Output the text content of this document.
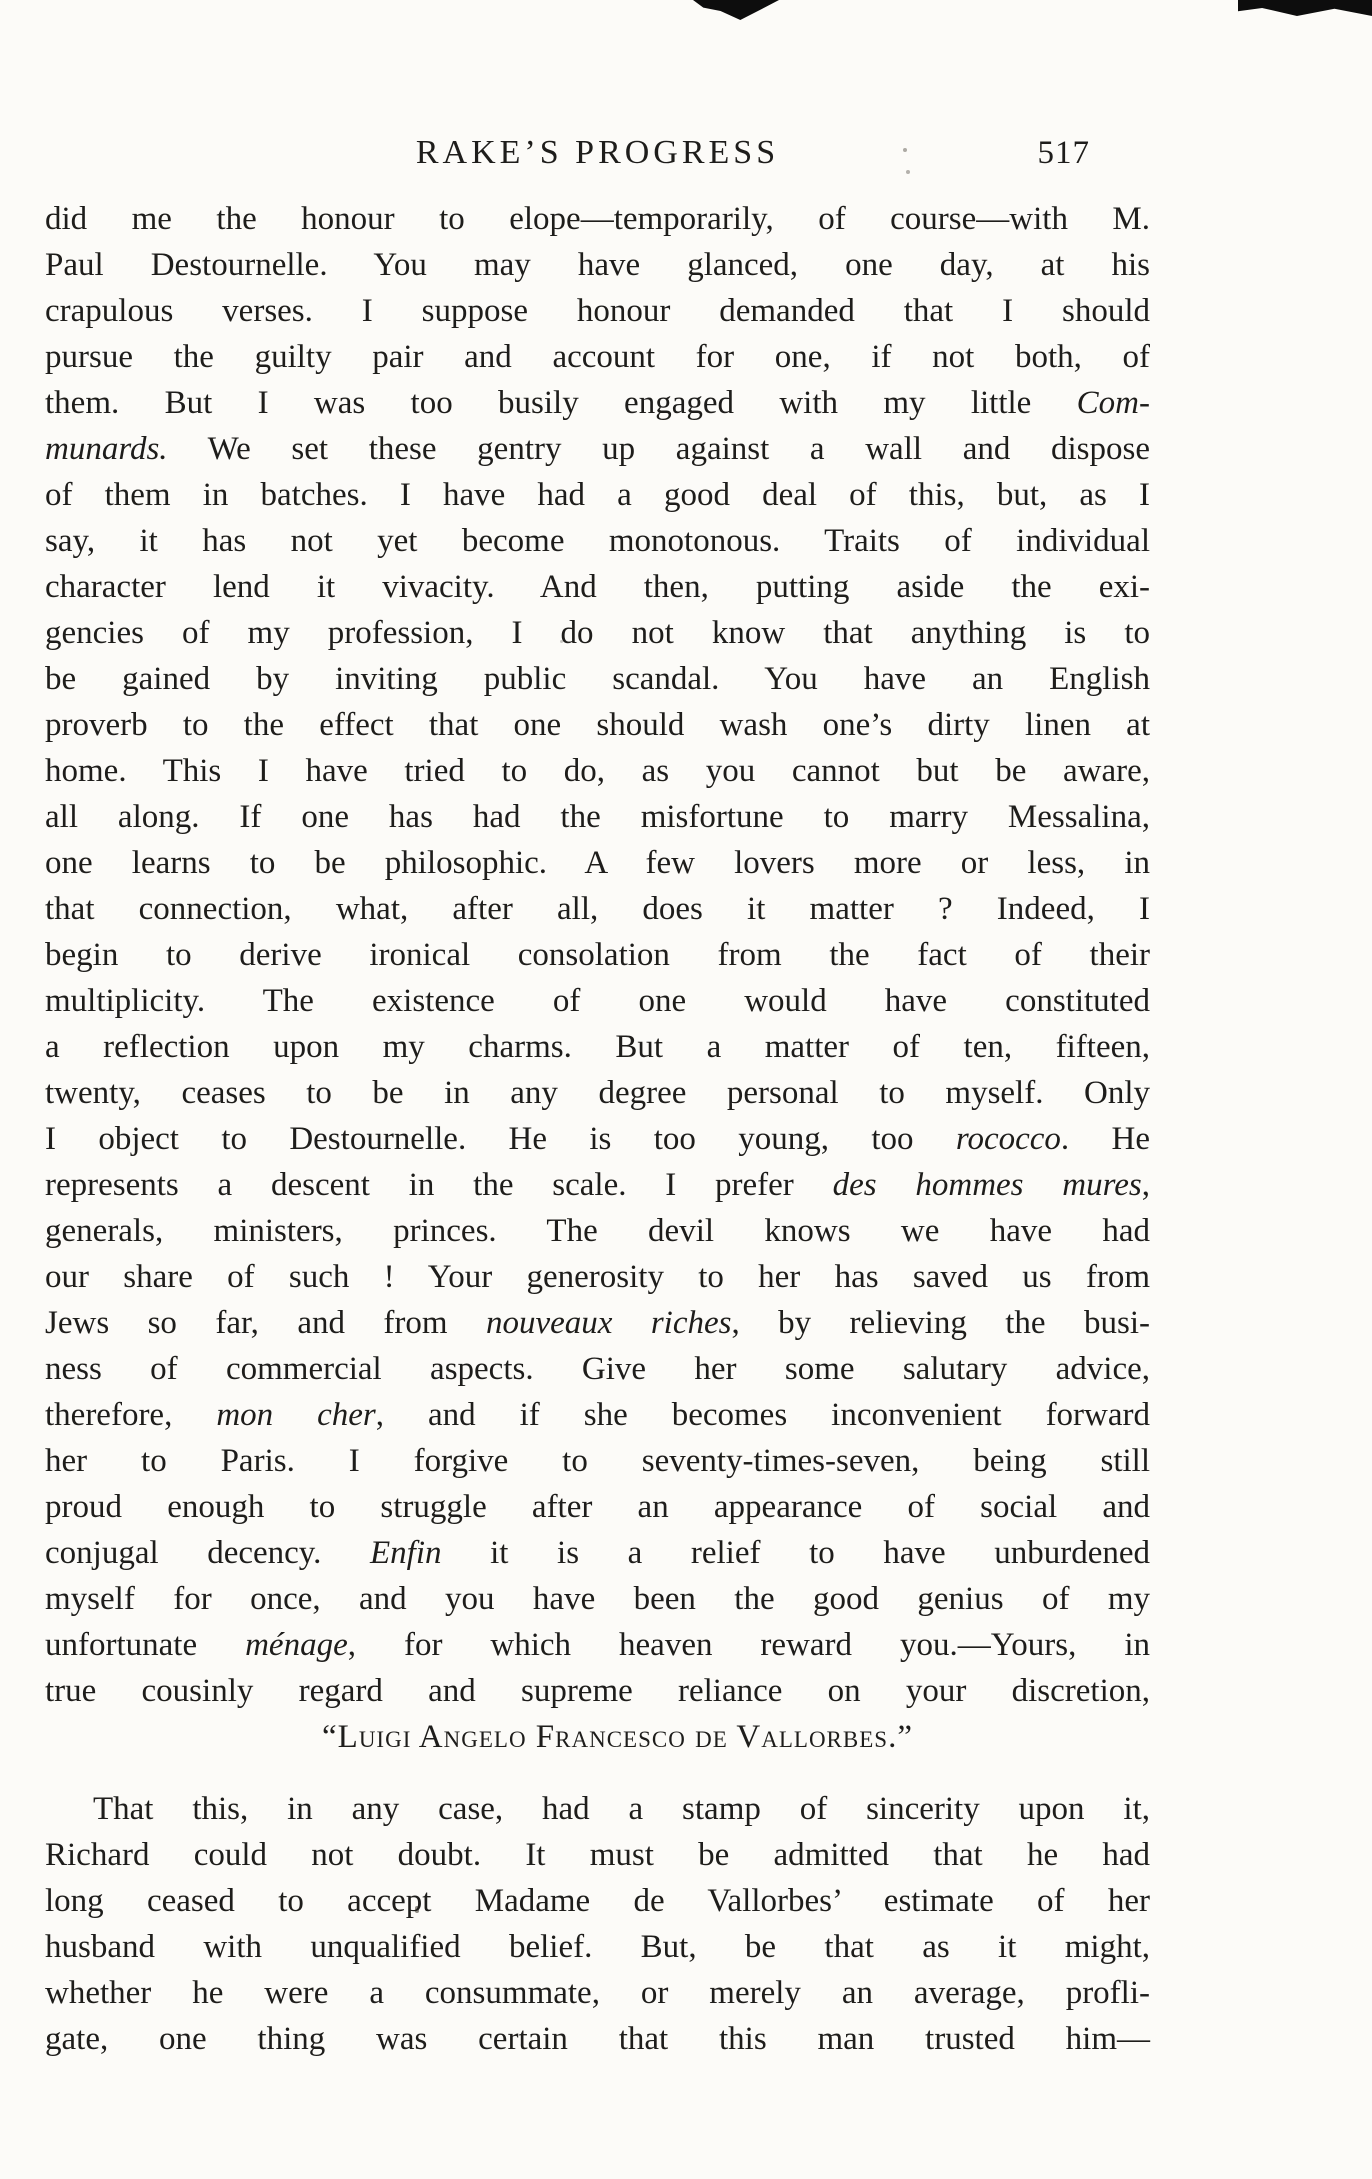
RAKE’S PROGRESS	517
did me the honour to elope—temporarily, of course—with M.
Paul Destournelle. You may have glanced, one day, at his
crapulous verses. I suppose honour demanded that I should
pursue the guilty pair and account for one, if not both, of
them. But I was too busily engaged with my little Com-
munards. We set these gentry up against a wall and dispose
of them in batches. I have had a good deal of this, but, as I
say, it has not yet become monotonous. Traits of individual
character lend it vivacity. And then, putting aside the exi-
gencies of my profession, I do not know that anything is to
be gained by inviting public scandal. You have an English
proverb to the effect that one should wash one’s dirty linen at
home. This I have tried to do, as you cannot but be aware,
all along. If one has had the misfortune to marry Messalina,
one learns to be philosophic. A few lovers more or less, in
that connection, what, after all, does it matter ? Indeed, I
begin to derive ironical consolation from the fact of their
multiplicity. The existence of one would have constituted
a reflection upon my charms. But a matter of ten, fifteen,
twenty, ceases to be in any degree personal to myself. Only
I object to Destournelle. He is too young, too rococco. He
represents a descent in the scale. I prefer des hommes mures,
generals, ministers, princes. The devil knows we have had
our share of such ! Your generosity to her has saved us from
Jews so far, and from nouveaux riches, by relieving the busi-
ness of commercial aspects. Give her some salutary advice,
therefore, mon cher, and if she becomes inconvenient forward
her to Paris. I forgive to seventy-times-seven, being still
proud enough to struggle after an appearance of social and
conjugal decency. Enfin it is a relief to have unburdened
myself for once, and you have been the good genius of my
unfortunate ménage, for which heaven reward you.—Yours, in
true cousinly regard and supreme reliance on your discretion,
“Luigi Angelo Francesco de Vallorbes.”
That this, in any case, had a stamp of sincerity upon it,
Richard could not doubt. It must be admitted that he had
long ceased to accept Madame de Vallorbes’ estimate of her
husband with unqualified belief. But, be that as it might,
whether he were a consummate, or merely an average, profli-
gate, one thing was certain that this man trusted him—
